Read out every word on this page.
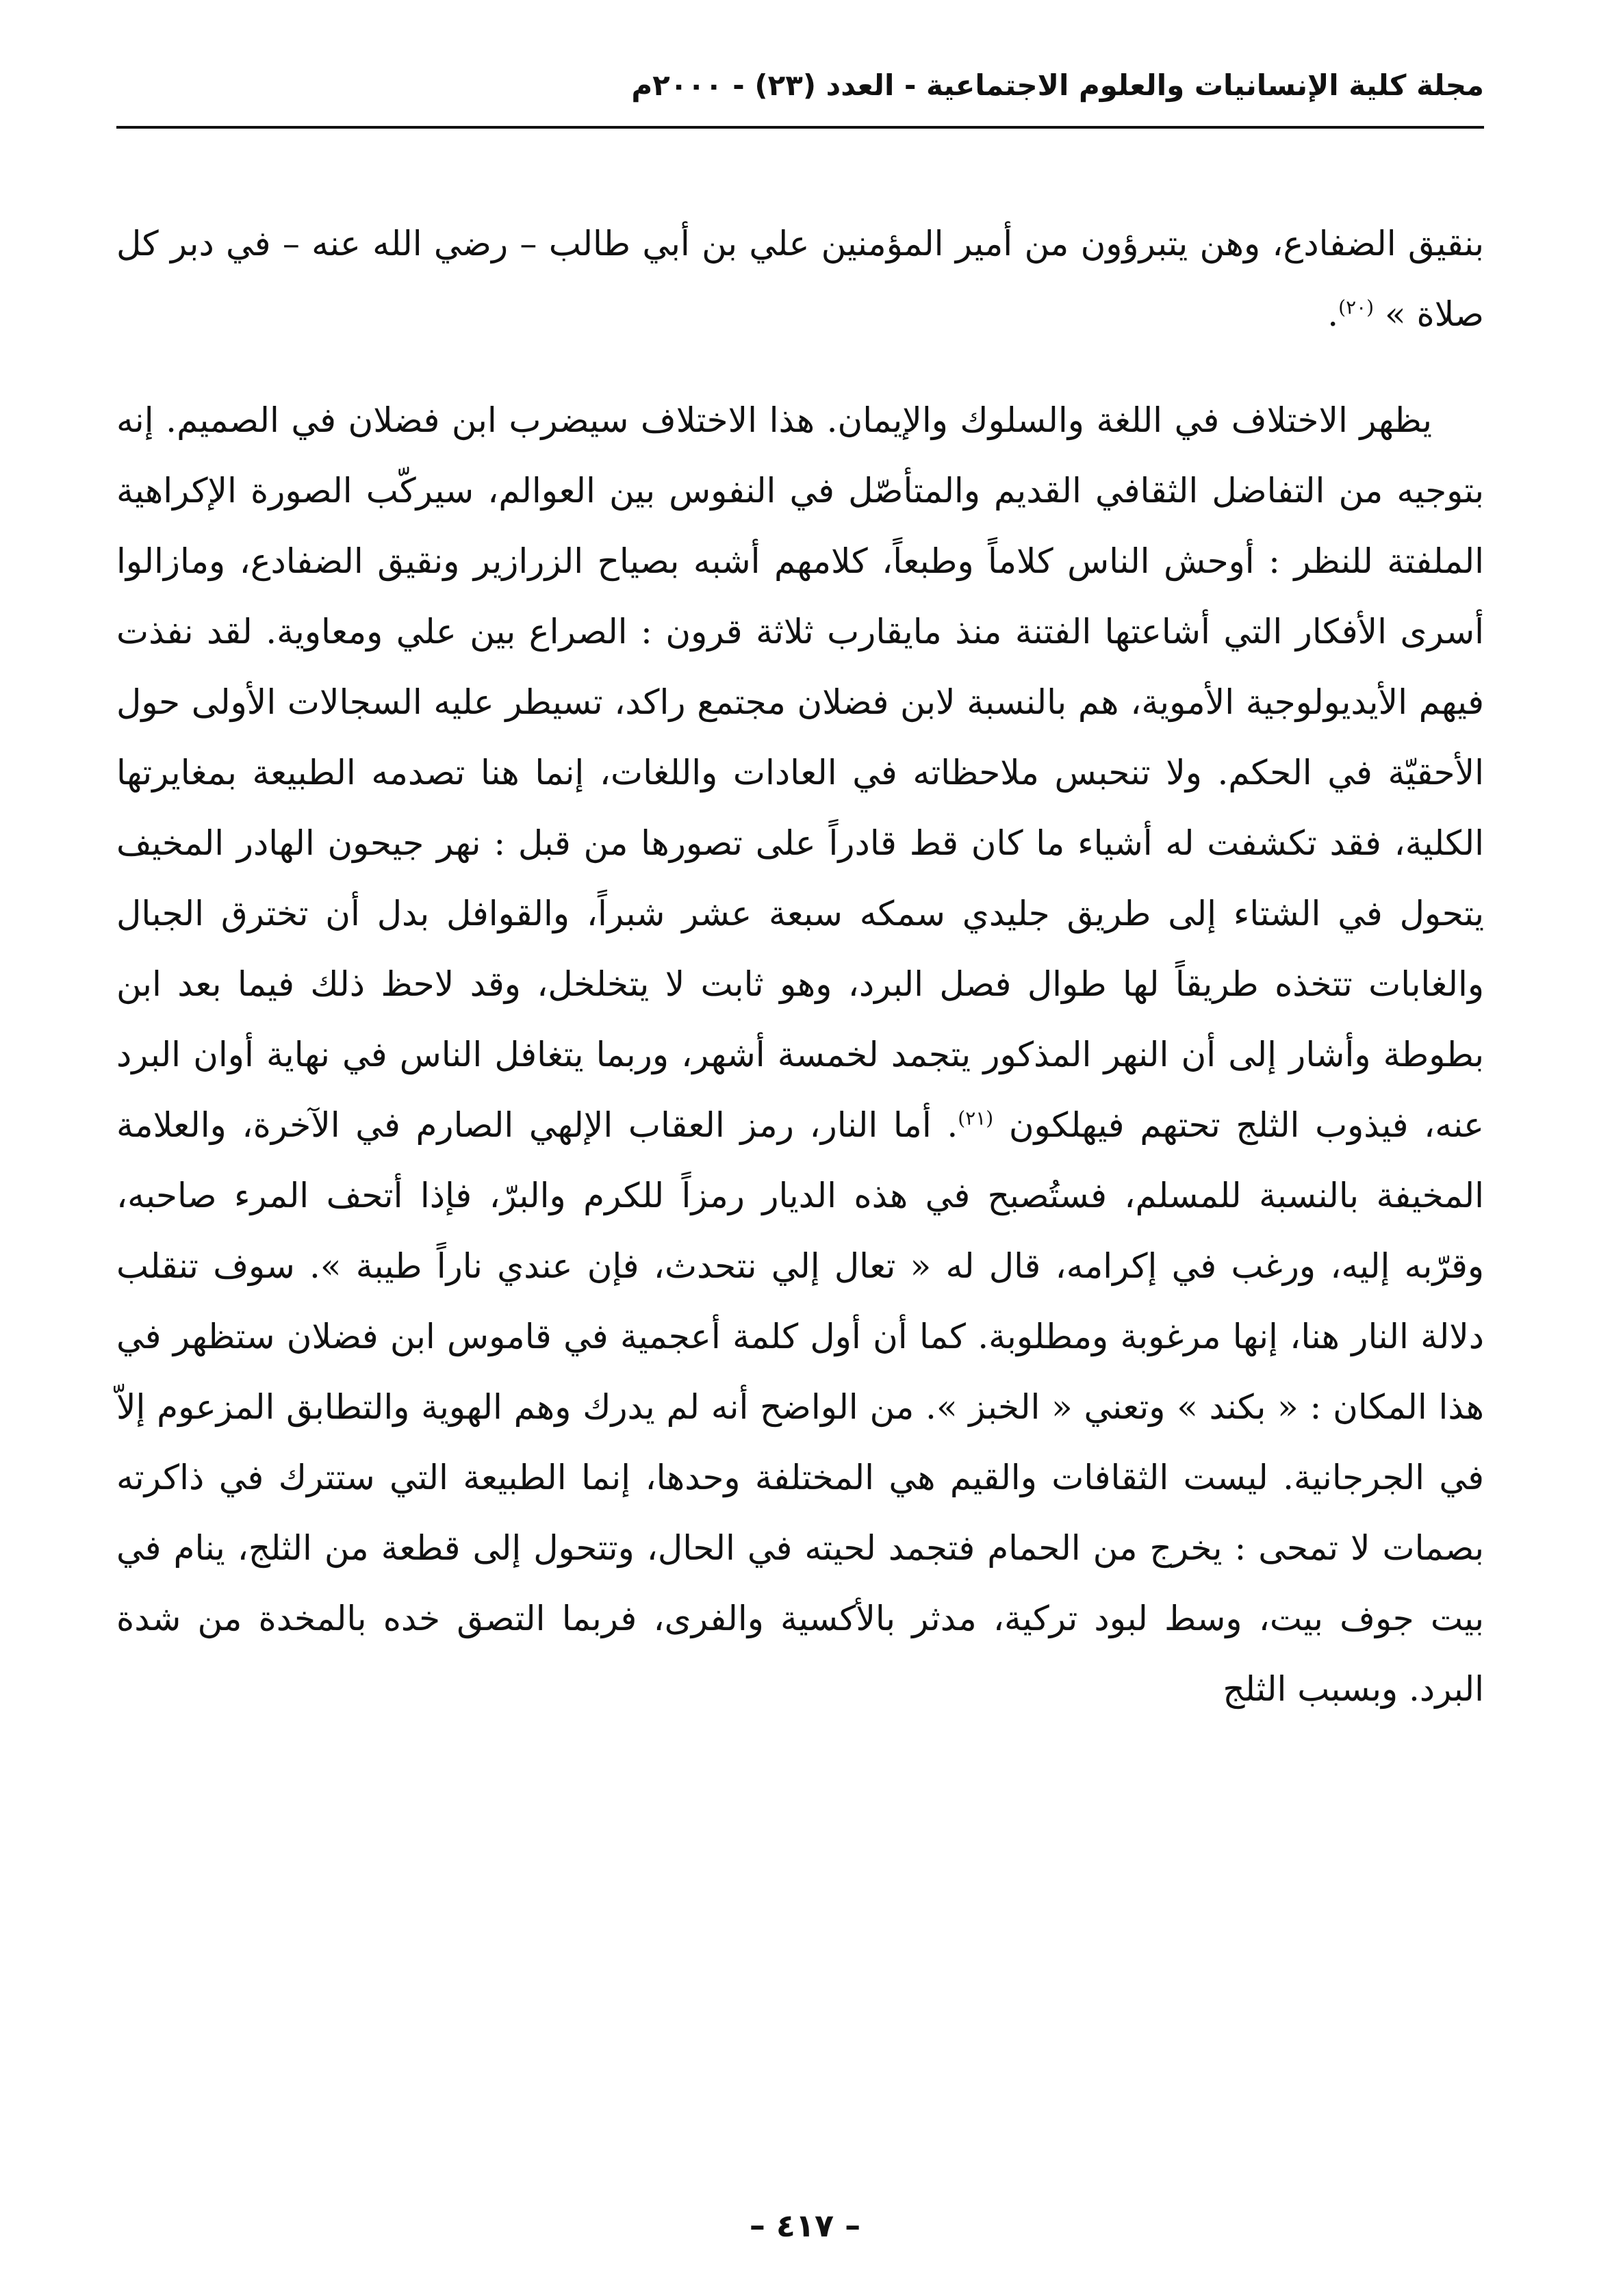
مجلة كلية الإنسانيات والعلوم الاجتماعية - العدد (٢٣) - ٢٠٠٠م

بنقيق الضفادع، وهن يتبرؤون من أمير المؤمنين علي بن أبي طالب – رضي الله عنه – في دبر كل صلاة » $^{(٢٠)}$.

يظهر الاختلاف في اللغة والسلوك والإيمان. هذا الاختلاف سيضرب ابن فضلان في الصميم. إنه بتوجيه من التفاضل الثقافي القديم والمتأصّل في النفوس بين العوالم، سيركّب الصورة الإكراهية الملفتة للنظر : أوحش الناس كلاماً وطبعاً، كلامهم أشبه بصياح الزرازير ونقيق الضفادع، ومازالوا أسرى الأفكار التي أشاعتها الفتنة منذ مايقارب ثلاثة قرون : الصراع بين علي ومعاوية. لقد نفذت فيهم الأيديولوجية الأموية، هم بالنسبة لابن فضلان مجتمع راكد، تسيطر عليه السجالات الأولى حول الأحقيّة في الحكم. ولا تنحبس ملاحظاته في العادات واللغات، إنما هنا تصدمه الطبيعة بمغايرتها الكلية، فقد تكشفت له أشياء ما كان قط قادراً على تصورها من قبل : نهر جيحون الهادر المخيف يتحول في الشتاء إلى طريق جليدي سمكه سبعة عشر شبراً، والقوافل بدل أن تخترق الجبال والغابات تتخذه طريقاً لها طوال فصل البرد، وهو ثابت لا يتخلخل، وقد لاحظ ذلك فيما بعد ابن بطوطة وأشار إلى أن النهر المذكور يتجمد لخمسة أشهر، وربما يتغافل الناس في نهاية أوان البرد عنه، فيذوب الثلج تحتهم فيهلكون $^{(٢١)}$. أما النار، رمز العقاب الإلهي الصارم في الآخرة، والعلامة المخيفة بالنسبة للمسلم، فستُصبح في هذه الديار رمزاً للكرم والبرّ، فإذا أتحف المرء صاحبه، وقرّبه إليه، ورغب في إكرامه، قال له « تعال إلي نتحدث، فإن عندي ناراً طيبة ». سوف تنقلب دلالة النار هنا، إنها مرغوبة ومطلوبة. كما أن أول كلمة أعجمية في قاموس ابن فضلان ستظهر في هذا المكان : « بكند » وتعني « الخبز ». من الواضح أنه لم يدرك وهم الهوية والتطابق المزعوم إلاّ في الجرجانية. ليست الثقافات والقيم هي المختلفة وحدها، إنما الطبيعة التي ستترك في ذاكرته بصمات لا تمحى : يخرج من الحمام فتجمد لحيته في الحال، وتتحول إلى قطعة من الثلج، ينام في بيت جوف بيت، وسط لبود تركية، مدثر بالأكسية والفرى، فربما التصق خده بالمخدة من شدة البرد. وبسبب الثلج

– ٤١٧ –
